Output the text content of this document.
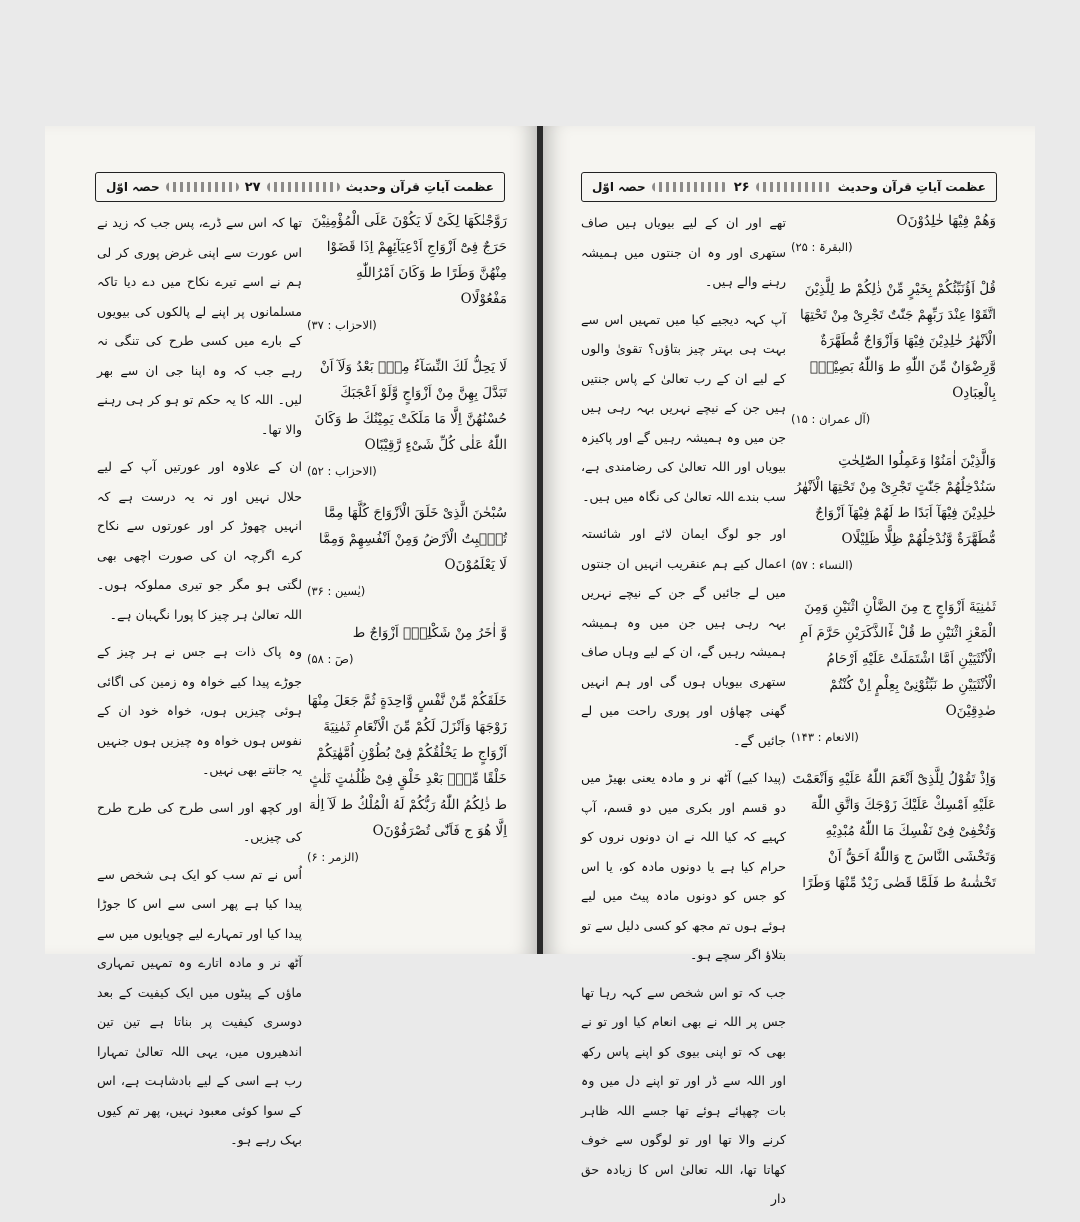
عظمت آیاتِ قرآن وحدیث
۲۷
حصہ اوّل
رَوَّجْنٰكَهَا لِكَىْ لَا يَكُوْنَ عَلَى الْمُؤْمِنِيْنَ حَرَجٌ فِىْٓ اَزْوَاجِ اَدْعِيَآئِهِمْ اِذَا قَضَوْا مِنْهُنَّ وَطَرًا ط وَكَانَ اَمْرُاللّٰهِ مَفْعُوْلًاO
(الاحزاب : ۳۷)
لَا يَحِلُّ لَكَ النِّسَآءُ مِنْۢ بَعْدُ وَلَآ اَنْ تَبَدَّلَ بِهِنَّ مِنْ اَزْوَاجٍ وَّلَوْ اَعْجَبَكَ حُسْنُهُنَّ اِلَّا مَا مَلَكَتْ يَمِيْنُكَ ط وَكَانَ اللّٰهُ عَلٰى كُلِّ شَىْءٍ رَّقِيْبًاO
(الاحزاب : ۵۲)
سُبْحٰنَ الَّذِىْ خَلَقَ الْاَزْوَاجَ كُلَّهَا مِمَّا تُنْۢبِتُ الْاَرْضُ وَمِنْ اَنْفُسِهِمْ وَمِمَّا لَا يَعْلَمُوْنَO
(یٰسین : ۳۶)
وَّ اٰخَرُ مِنْ شَكْلِهٖٓ اَزْوَاجٌ ط
(صٓ : ۵۸)
خَلَقَكُمْ مِّنْ نَّفْسٍ وَّاحِدَةٍ ثُمَّ جَعَلَ مِنْهَا زَوْجَهَا وَاَنْزَلَ لَكُمْ مِّنَ الْاَنْعَامِ ثَمٰنِيَةَ اَزْوَاجٍ ط يَخْلُقُكُمْ فِىْ بُطُوْنِ اُمَّهٰتِكُمْ خَلْقًا مِّنْۢ بَعْدِ خَلْقٍ فِىْ ظُلُمٰتٍ ثَلٰثٍ ط ذٰلِكُمُ اللّٰهُ رَبُّكُمْ لَهُ الْمُلْكُ ط لَآ اِلٰهَ اِلَّا هُوَ ج فَاَنّٰى تُصْرَفُوْنَO
(الزمر : ۶)

تھا کہ اس سے ڈرے، پس جب کہ زید نے اس عورت سے اپنی غرض پوری کر لی ہم نے اسے تیرے نکاح میں دے دیا تاکہ مسلمانوں پر اپنے لے پالکوں کی بیویوں کے بارے میں کسی طرح کی تنگی نہ رہے جب کہ وہ اپنا جی ان سے بھر لیں۔ اللہ کا یہ حکم تو ہو کر ہی رہنے والا تھا۔

ان کے علاوہ اور عورتیں آپ کے لیے حلال نہیں اور نہ یہ درست ہے کہ انہیں چھوڑ کر اور عورتوں سے نکاح کرے اگرچہ ان کی صورت اچھی بھی لگتی ہو مگر جو تیری مملوکہ ہوں۔ اللہ تعالیٰ ہر چیز کا پورا نگہبان ہے۔

وہ پاک ذات ہے جس نے ہر چیز کے جوڑے پیدا کیے خواہ وہ زمین کی اگائی ہوئی چیزیں ہوں، خواہ خود ان کے نفوس ہوں خواہ وہ چیزیں ہوں جنہیں یہ جانتے بھی نہیں۔

اور کچھ اور اسی طرح کی طرح طرح کی چیزیں۔

اُس نے تم سب کو ایک ہی شخص سے پیدا کیا ہے پھر اسی سے اس کا جوڑا پیدا کیا اور تمہارے لیے چوپایوں میں سے آٹھ نر و مادہ اتارے وہ تمہیں تمہاری ماؤں کے پیٹوں میں ایک کیفیت کے بعد دوسری کیفیت پر بناتا ہے تین تین اندھیروں میں، یہی اللہ تعالیٰ تمہارا رب ہے اسی کے لیے بادشاہت ہے، اس کے سوا کوئی معبود نہیں، پھر تم کیوں بہک رہے ہو۔

عظمت آیاتِ قرآن وحدیث
۲۶
حصہ اوّل
وَهُمْ فِيْهَا خٰلِدُوْنَO
(البقرۃ : ۲۵)
قُلْ اَؤُنَبِّئُكُمْ بِخَيْرٍ مِّنْ ذٰلِكُمْ ط لِلَّذِيْنَ اتَّقَوْا عِنْدَ رَبِّهِمْ جَنّٰتٌ تَجْرِىْ مِنْ تَحْتِهَا الْاَنْهٰرُ خٰلِدِيْنَ فِيْهَا وَاَزْوَاجٌ مُّطَهَّرَةٌ وَّرِضْوَانٌ مِّنَ اللّٰهِ ط وَاللّٰهُ بَصِيْرٌۢ بِالْعِبَادِO
(آل عمران : ۱۵)
وَالَّذِيْنَ اٰمَنُوْا وَعَمِلُوا الصّٰلِحٰتِ سَنُدْخِلُهُمْ جَنّٰتٍ تَجْرِىْ مِنْ تَحْتِهَا الْاَنْهٰرُ خٰلِدِيْنَ فِيْهَآ اَبَدًا ط لَهُمْ فِيْهَآ اَزْوَاجٌ مُّطَهَّرَةٌ وَّنُدْخِلُهُمْ ظِلًّا ظَلِيْلًاO
(النساء : ۵۷)
ثَمٰنِيَةَ اَزْوَاجٍ ج مِنَ الضَّاْنِ اثْنَيْنِ وَمِنَ الْمَعْزِ اثْنَيْنِ ط قُلْ ءٰٓالذَّكَرَيْنِ حَرَّمَ اَمِ الْاُنْثَيَيْنِ اَمَّا اشْتَمَلَتْ عَلَيْهِ اَرْحَامُ الْاُنْثَيَيْنِ ط نَبِّئُوْنِىْ بِعِلْمٍ اِنْ كُنْتُمْ صٰدِقِيْنَO
(الانعام : ۱۴۳)
وَاِذْ تَقُوْلُ لِلَّذِىْٓ اَنْعَمَ اللّٰهُ عَلَيْهِ وَاَنْعَمْتَ عَلَيْهِ اَمْسِكْ عَلَيْكَ زَوْجَكَ وَاتَّقِ اللّٰهَ وَتُخْفِىْ فِىْ نَفْسِكَ مَا اللّٰهُ مُبْدِيْهِ وَتَخْشَى النَّاسَ ج وَاللّٰهُ اَحَقُّ اَنْ تَخْشٰىهُ ط فَلَمَّا قَضٰى زَيْدٌ مِّنْهَا وَطَرًا

تھے اور ان کے لیے بیویاں ہیں صاف ستھری اور وہ ان جنتوں میں ہمیشہ رہنے والے ہیں۔

آپ کہہ دیجیے کیا میں تمہیں اس سے بہت ہی بہتر چیز بتاؤں؟ تقویٰ والوں کے لیے ان کے رب تعالیٰ کے پاس جنتیں ہیں جن کے نیچے نہریں بہہ رہی ہیں جن میں وہ ہمیشہ رہیں گے اور پاکیزہ بیویاں اور اللہ تعالیٰ کی رضامندی ہے، سب بندے اللہ تعالیٰ کی نگاہ میں ہیں۔

اور جو لوگ ایمان لائے اور شائستہ اعمال کیے ہم عنقریب انہیں ان جنتوں میں لے جائیں گے جن کے نیچے نہریں بہہ رہی ہیں جن میں وہ ہمیشہ ہمیشہ رہیں گے، ان کے لیے وہاں صاف ستھری بیویاں ہوں گی اور ہم انہیں گھنی چھاؤں اور پوری راحت میں لے جائیں گے۔

(پیدا کیے) آٹھ نر و مادہ یعنی بھیڑ میں دو قسم اور بکری میں دو قسم، آپ کہیے کہ کیا اللہ نے ان دونوں نروں کو حرام کیا ہے یا دونوں مادہ کو، یا اس کو جس کو دونوں مادہ پیٹ میں لیے ہوئے ہوں تم مجھ کو کسی دلیل سے تو بتلاؤ اگر سچے ہو۔

جب کہ تو اس شخص سے کہہ رہا تھا جس پر اللہ نے بھی انعام کیا اور تو نے بھی کہ تو اپنی بیوی کو اپنے پاس رکھ اور اللہ سے ڈر اور تو اپنے دل میں وہ بات چھپائے ہوئے تھا جسے اللہ ظاہر کرنے والا تھا اور تو لوگوں سے خوف کھاتا تھا، اللہ تعالیٰ اس کا زیادہ حق دار
